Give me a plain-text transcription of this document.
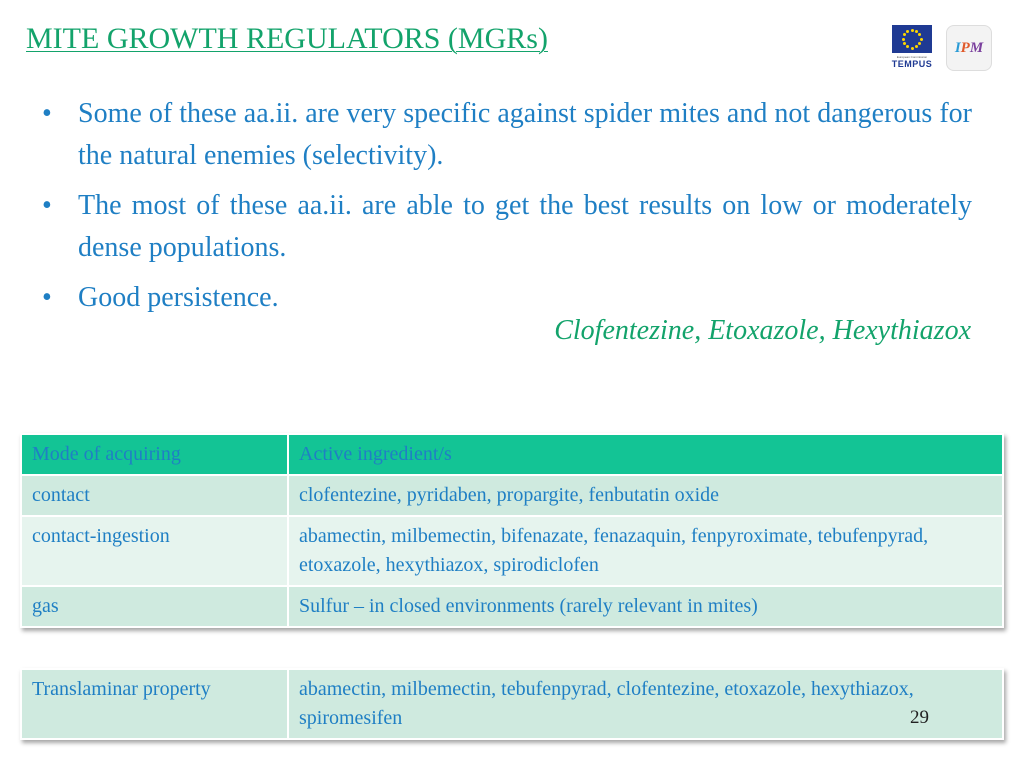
MITE GROWTH REGULATORS (MGRs)
European Commission
TEMPUS
I P M
• Some of these aa.ii. are very specific against spider mites and not dangerous for the natural enemies (selectivity).
• The most of these aa.ii. are able to get the best results on low or moderately dense populations.
• Good persistence.
Clofentezine, Etoxazole, Hexythiazox
Mode of acquiring	Active ingredient/s
contact	clofentezine, pyridaben, propargite, fenbutatin oxide
contact-ingestion	abamectin, milbemectin, bifenazate, fenazaquin, fenpyroximate, tebufenpyrad, etoxazole, hexythiazox, spirodiclofen
gas	Sulfur – in closed environments (rarely relevant in mites)
Translaminar property	abamectin, milbemectin, tebufenpyrad, clofentezine, etoxazole, hexythiazox, spiromesifen	29
